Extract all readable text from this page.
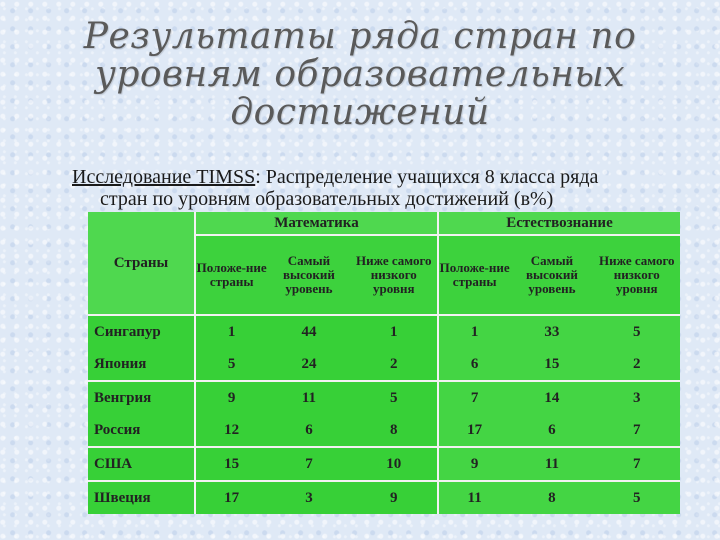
Результаты ряда стран по
уровням образовательных
достижений
Исследование TIMSS: Распределение учащихся 8 класса ряда
стран по уровням образовательных достижений (в%)
Страны	Математика			Естествознание		
	Положе-ние страны	Самый высокий уровень	Ниже самого низкого уровня	Положе-ние страны	Самый высокий уровень	Ниже самого низкого уровня
Сингапур	1	44	1	1	33	5
Япония	5	24	2	6	15	2
Венгрия	9	11	5	7	14	3
Россия	12	6	8	17	6	7
США	15	7	10	9	11	7
Швеция	17	3	9	11	8	5
